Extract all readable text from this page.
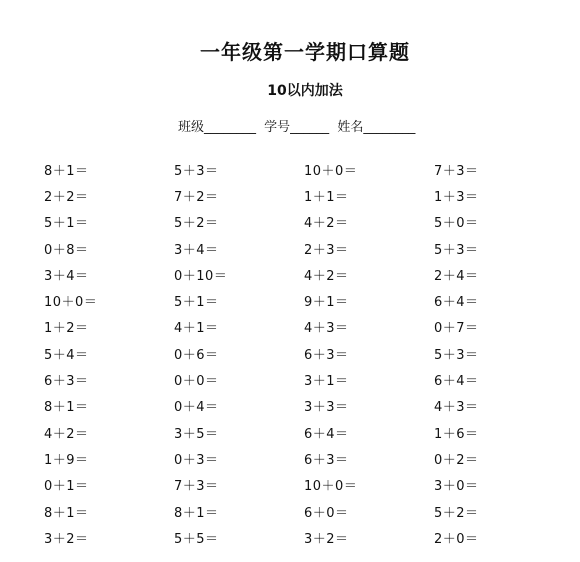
一年级第一学期口算题
10以内加法
班级________ 学号______ 姓名________
8＋1＝	5＋3＝	10＋0＝	7＋3＝
2＋2＝	7＋2＝	1＋1＝	1＋3＝
5＋1＝	5＋2＝	4＋2＝	5＋0＝
0＋8＝	3＋4＝	2＋3＝	5＋3＝
3＋4＝	0＋10＝	4＋2＝	2＋4＝
10＋0＝	5＋1＝	9＋1＝	6＋4＝
1＋2＝	4＋1＝	4＋3＝	0＋7＝
5＋4＝	0＋6＝	6＋3＝	5＋3＝
6＋3＝	0＋0＝	3＋1＝	6＋4＝
8＋1＝	0＋4＝	3＋3＝	4＋3＝
4＋2＝	3＋5＝	6＋4＝	1＋6＝
1＋9＝	0＋3＝	6＋3＝	0＋2＝
0＋1＝	7＋3＝	10＋0＝	3＋0＝
8＋1＝	8＋1＝	6＋0＝	5＋2＝
3＋2＝	5＋5＝	3＋2＝	2＋0＝
